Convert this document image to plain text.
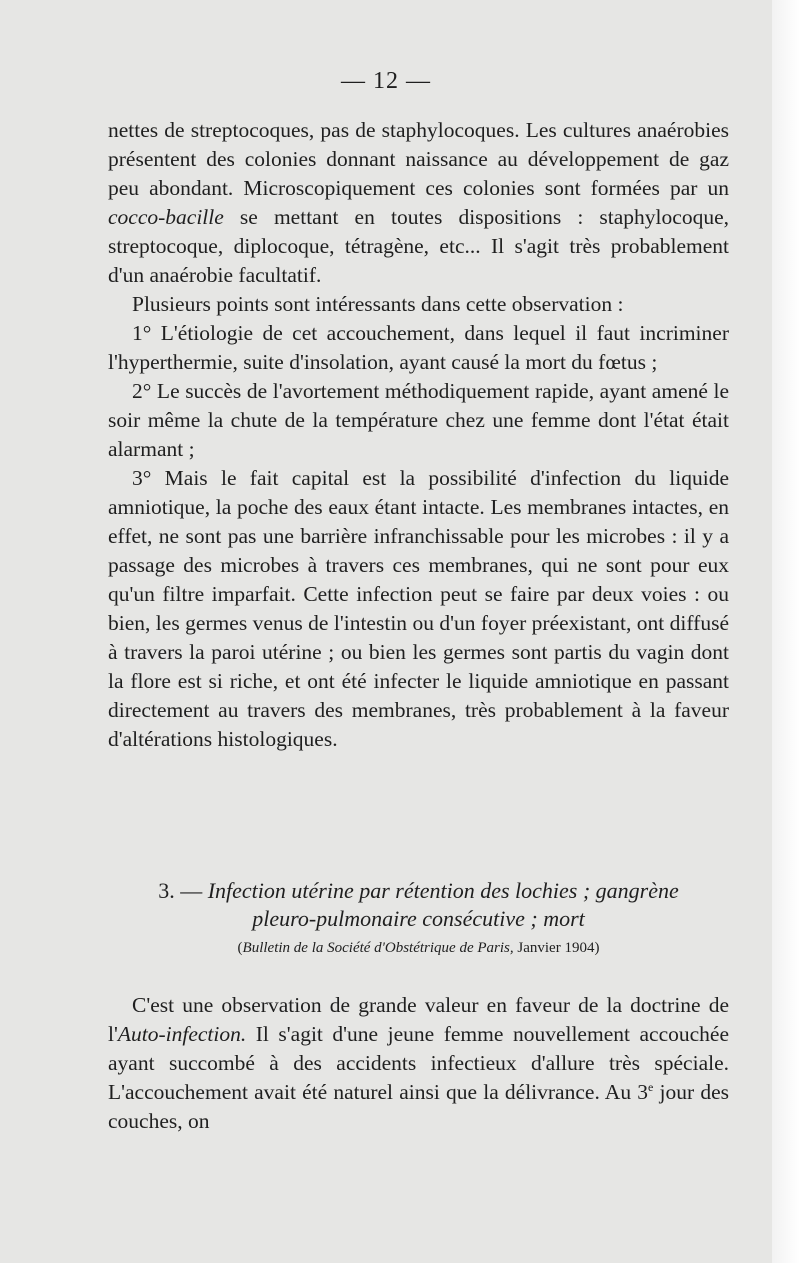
— 12 —

nettes de streptocoques, pas de staphylocoques. Les cultures anaérobies présentent des colonies donnant naissance au développement de gaz peu abondant. Microscopiquement ces colonies sont formées par un cocco-bacille se mettant en toutes dispositions : staphylocoque, streptocoque, diplocoque, tétragène, etc... Il s'agit très probablement d'un anaérobie facultatif.

Plusieurs points sont intéressants dans cette observation :

1° L'étiologie de cet accouchement, dans lequel il faut incriminer l'hyperthermie, suite d'insolation, ayant causé la mort du fœtus ;

2° Le succès de l'avortement méthodiquement rapide, ayant amené le soir même la chute de la température chez une femme dont l'état était alarmant ;

3° Mais le fait capital est la possibilité d'infection du liquide amniotique, la poche des eaux étant intacte. Les membranes intactes, en effet, ne sont pas une barrière infranchissable pour les microbes : il y a passage des microbes à travers ces membranes, qui ne sont pour eux qu'un filtre imparfait. Cette infection peut se faire par deux voies : ou bien, les germes venus de l'intestin ou d'un foyer préexistant, ont diffusé à travers la paroi utérine ; ou bien les germes sont partis du vagin dont la flore est si riche, et ont été infecter le liquide amniotique en passant directement au travers des membranes, très probablement à la faveur d'altérations histologiques.

3. — Infection utérine par rétention des lochies ; gangrène
pleuro-pulmonaire consécutive ; mort
(Bulletin de la Société d'Obstétrique de Paris, Janvier 1904)

C'est une observation de grande valeur en faveur de la doctrine de l'Auto-infection. Il s'agit d'une jeune femme nouvellement accouchée ayant succombé à des accidents infectieux d'allure très spéciale. L'accouchement avait été naturel ainsi que la délivrance. Au 3e jour des couches, on
